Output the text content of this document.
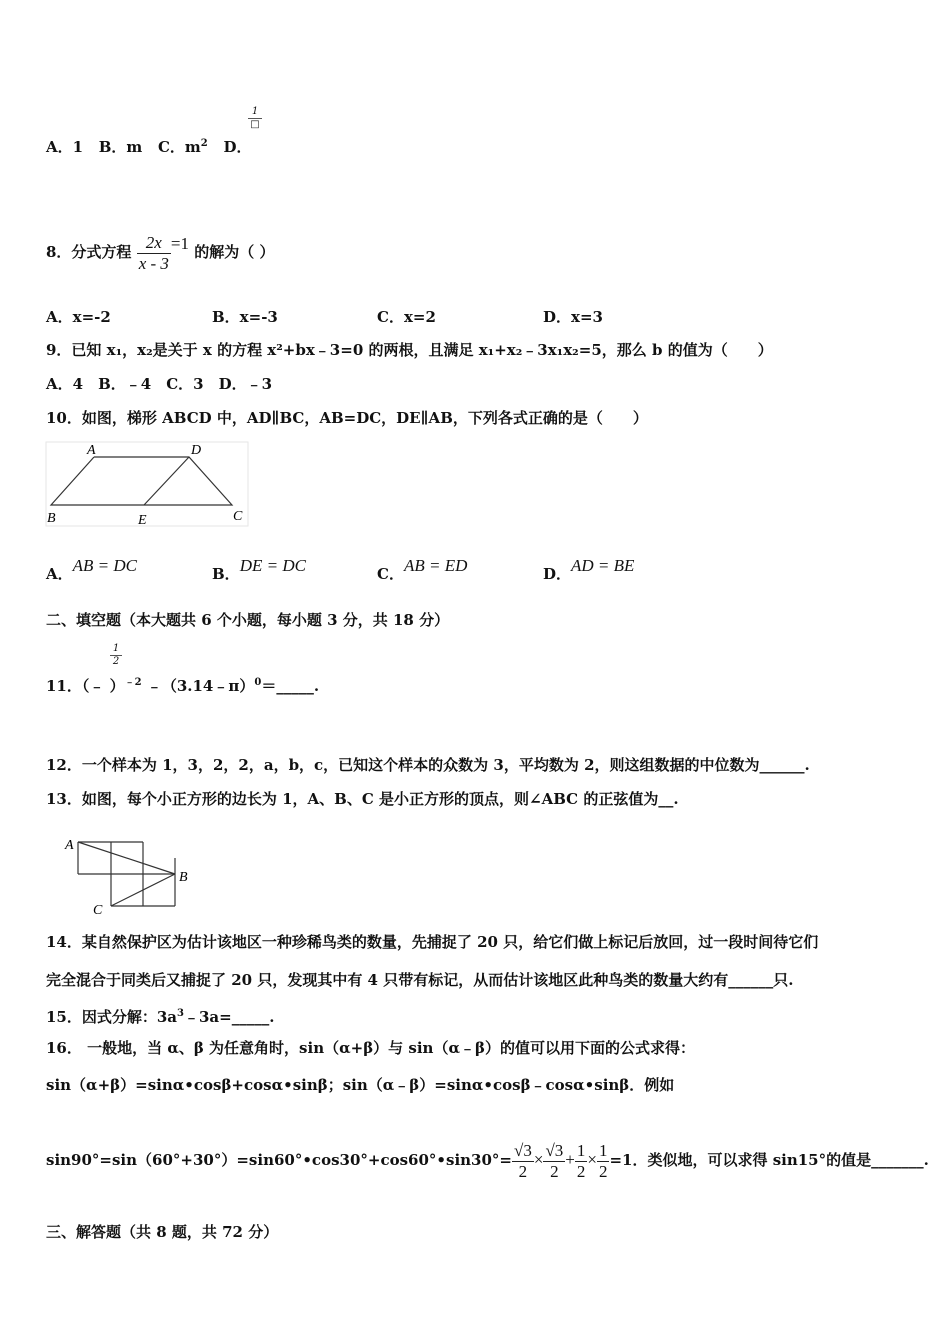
A．1 B．m C．$m^2$ D．
1
□
8．分式方程 $\frac{2x}{x - 3} =1$ 的解为（ ）
A．x=-2	B．x=-3	C．x=2	D．x=3
9．已知 x₁，x₂是关于 x 的方程 x²+bx﹣3=0 的两根，且满足 x₁+x₂﹣3x₁x₂=5，那么 b 的值为（　　）
A．4　B．﹣4　C．3　D．﹣3
10．如图，梯形 ABCD 中，AD∥BC，AB=DC，DE∥AB，下列各式正确的是（　　）
A	D
B	E	C
A．AB = DC	B．DE = DC	C．AB = ED	D．AD = BE
二、填空题（本大题共 6 个小题，每小题 3 分，共 18 分）
11．（﹣ ）$^{﹣2}$ ﹣（3.14﹣π）$^0$＝_____.
$\frac{1}{2}$
12．一个样本为 1，3，2，2，a，b，c，已知这个样本的众数为 3，平均数为 2，则这组数据的中位数为______.
13．如图，每个小正方形的边长为 1，A、B、C 是小正方形的顶点，则∠ABC 的正弦值为__.
A
B
C
14．某自然保护区为估计该地区一种珍稀鸟类的数量，先捕捉了 20 只，给它们做上标记后放回，过一段时间待它们
完全混合于同类后又捕捉了 20 只，发现其中有 4 只带有标记，从而估计该地区此种鸟类的数量大约有______只.
15．因式分解：$3a^3﹣3a=\_\_\_\_\_$.
16． 一般地，当 α、β 为任意角时，sin（α+β）与 sin（α﹣β）的值可以用下面的公式求得：
sin（α+β）=sinα•cosβ+cosα•sinβ；sin（α﹣β）=sinα•cosβ﹣cosα•sinβ．例如
sin90°=sin（60°+30°）=sin60°•cos30°+cos60°•sin30°= $\frac{√3}{2} \times \frac{√3}{2} + \frac{1}{2} \times \frac{1}{2} =1$．类似地，可以求得 sin15°的值是_______.
三、解答题（共 8 题，共 72 分）
